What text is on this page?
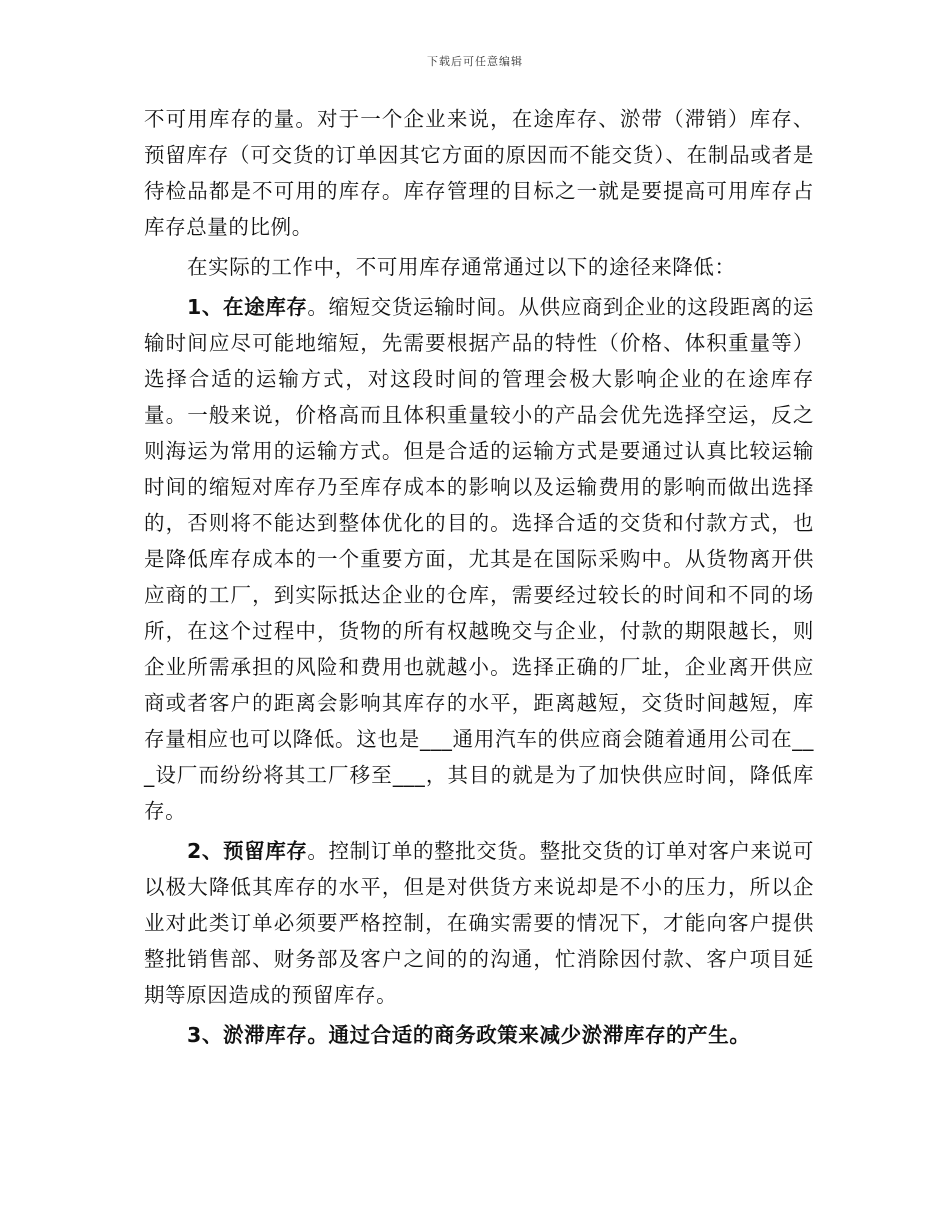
下载后可任意编辑

不可用库存的量。对于一个企业来说，在途库存、淤带（滞销）库存、预留库存（可交货的订单因其它方面的原因而不能交货）、在制品或者是待检品都是不可用的库存。库存管理的目标之一就是要提高可用库存占库存总量的比例。

在实际的工作中，不可用库存通常通过以下的途径来降低：

1、在途库存。缩短交货运输时间。从供应商到企业的这段距离的运输时间应尽可能地缩短，先需要根据产品的特性（价格、体积重量等）选择合适的运输方式，对这段时间的管理会极大影响企业的在途库存量。一般来说，价格高而且体积重量较小的产品会优先选择空运，反之则海运为常用的运输方式。但是合适的运输方式是要通过认真比较运输时间的缩短对库存乃至库存成本的影响以及运输费用的影响而做出选择的，否则将不能达到整体优化的目的。选择合适的交货和付款方式，也是降低库存成本的一个重要方面，尤其是在国际采购中。从货物离开供应商的工厂，到实际抵达企业的仓库，需要经过较长的时间和不同的场所，在这个过程中，货物的所有权越晚交与企业，付款的期限越长，则企业所需承担的风险和费用也就越小。选择正确的厂址，企业离开供应商或者客户的距离会影响其库存的水平，距离越短，交货时间越短，库存量相应也可以降低。这也是___通用汽车的供应商会随着通用公司在___设厂而纷纷将其工厂移至___，其目的就是为了加快供应时间，降低库存。

2、预留库存。控制订单的整批交货。整批交货的订单对客户来说可以极大降低其库存的水平，但是对供货方来说却是不小的压力，所以企业对此类订单必须要严格控制，在确实需要的情况下，才能向客户提供整批销售部、财务部及客户之间的的沟通，忙消除因付款、客户项目延期等原因造成的预留库存。

3、淤滞库存。通过合适的商务政策来减少淤滞库存的产生。
